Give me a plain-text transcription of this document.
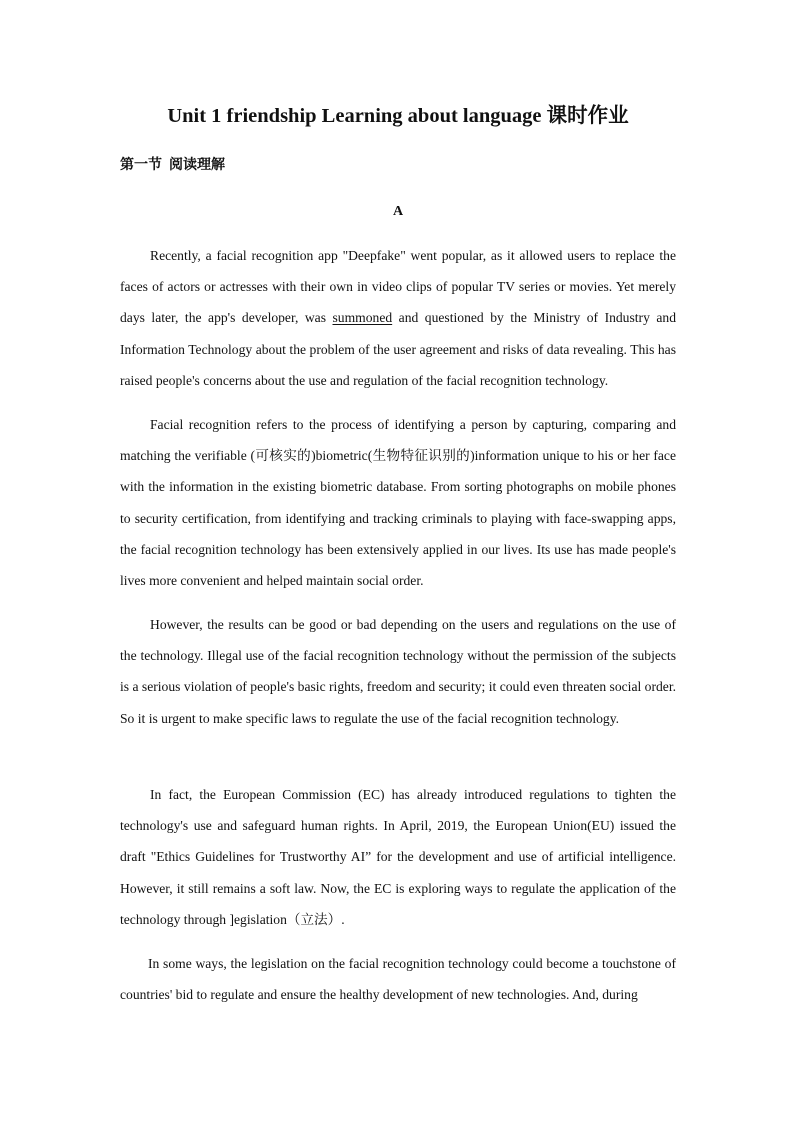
Unit 1 friendship Learning about language 课时作业
第一节  阅读理解
A

Recently, a facial recognition app "Deepfake" went popular, as it allowed users to replace the faces of actors or actresses with their own in video clips of popular TV series or movies. Yet merely days later, the app's developer, was summoned and questioned by the Ministry of Industry and Information Technology about the problem of the user agreement and risks of data revealing. This has raised people's concerns about the use and regulation of the facial recognition technology.

Facial recognition refers to the process of identifying a person by capturing, comparing and matching the verifiable (可核实的)biometric(生物特征识别的)information unique to his or her face with the information in the existing biometric database. From sorting photographs on mobile phones to security certification, from identifying and tracking criminals to playing with face-swapping apps, the facial recognition technology has been extensively applied in our lives. Its use has made people's lives more convenient and helped maintain social order.

However, the results can be good or bad depending on the users and regulations on the use of the technology. Illegal use of the facial recognition technology without the permission of the subjects is a serious violation of people's basic rights, freedom and security; it could even threaten social order. So it is urgent to make specific laws to regulate the use of the facial recognition technology.

In fact, the European Commission (EC) has already introduced regulations to tighten the technology's use and safeguard human rights. In April, 2019, the European Union(EU) issued the draft "Ethics Guidelines for Trustworthy AI” for the development and use of artificial intelligence. However, it still remains a soft law. Now, the EC is exploring ways to regulate the application of the technology through ]egislation（立法）.

In some ways, the legislation on the facial recognition technology could become a touchstone of countries' bid to regulate and ensure the healthy development of new technologies. And, during
